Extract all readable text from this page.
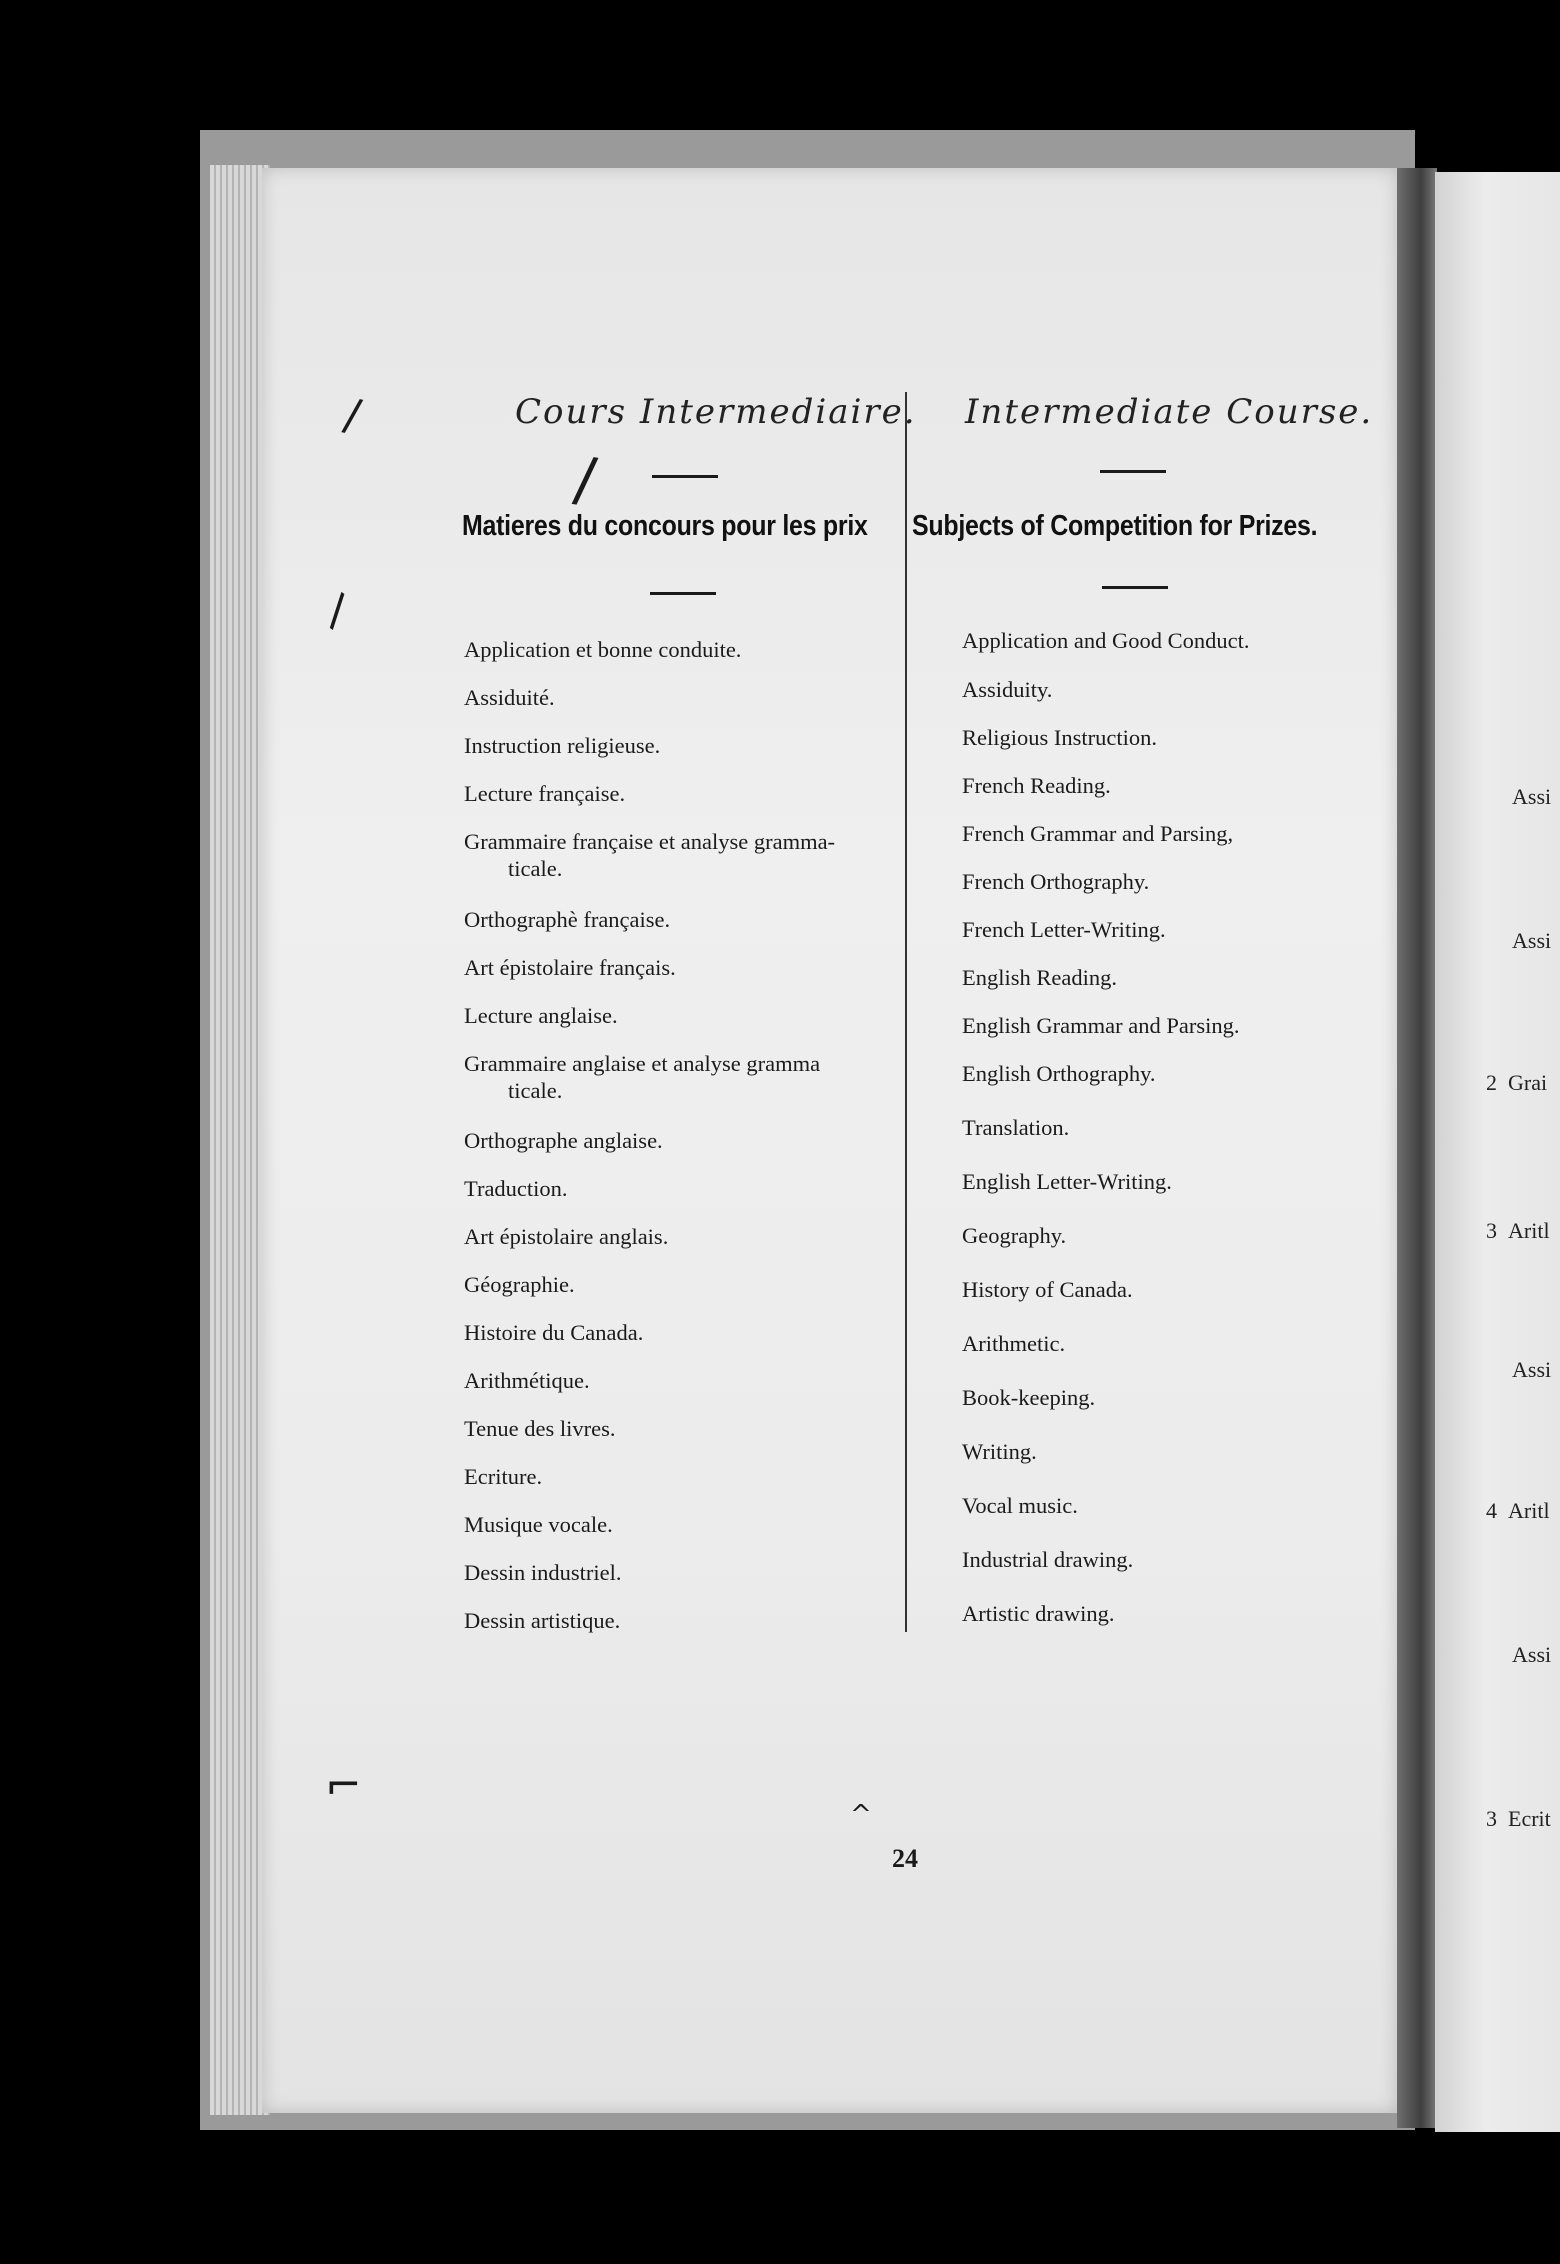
Assi
Assi
2 Grai
3 Aritl
Assi
4 Aritl
Assi
3 Ecrit
Cours Intermediaire. Intermediate Course.
Matieres du concours pour les prix Subjects of Competition for Prizes.
Application et bonne conduite.
Assiduité.
Instruction religieuse.
Lecture française.
Grammaire française et analyse gramma-
ticale.
Orthographè française.
Art épistolaire français.
Lecture anglaise.
Grammaire anglaise et analyse gramma
ticale.
Orthographe anglaise.
Traduction.
Art épistolaire anglais.
Géographie.
Histoire du Canada.
Arithmétique.
Tenue des livres.
Ecriture.
Musique vocale.
Dessin industriel.
Dessin artistique.
Application and Good Conduct.
Assiduity.
Religious Instruction.
French Reading.
French Grammar and Parsing,
French Orthography.
French Letter-Writing.
English Reading.
English Grammar and Parsing.
English Orthography.
Translation.
English Letter-Writing.
Geography.
History of Canada.
Arithmetic.
Book-keeping.
Writing.
Vocal music.
Industrial drawing.
Artistic drawing.
24
/
/
\
⌐
^
